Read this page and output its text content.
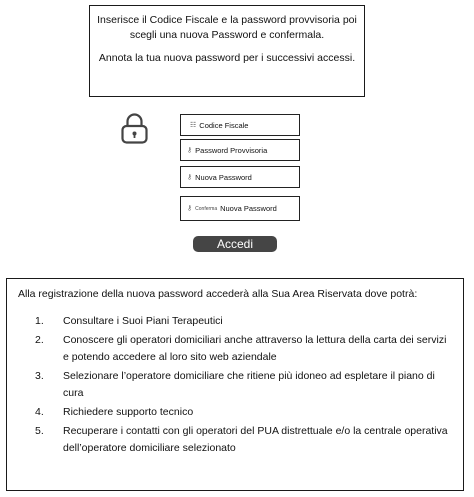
Inserisce il Codice Fiscale e la password provvisoria poi scegli una nuova Password e confermala.

Annota la tua nuova password per i successivi accessi.

☷ Codice Fiscale
⚷ Password Provvisoria
⚷ Nuova Password
⚷ Conferma Nuova Password
Accedi

Alla registrazione della nuova password accederà alla Sua Area Riservata dove potrà:

1.	Consultare i Suoi Piani Terapeutici
2.	Conoscere gli operatori domiciliari anche attraverso la lettura della carta dei servizi e potendo accedere al loro sito web aziendale
3.	Selezionare l’operatore domiciliare che ritiene più idoneo ad espletare il piano di cura
4.	Richiedere supporto tecnico
5.	Recuperare i contatti con gli operatori del PUA distrettuale e/o la centrale operativa dell’operatore domiciliare selezionato
